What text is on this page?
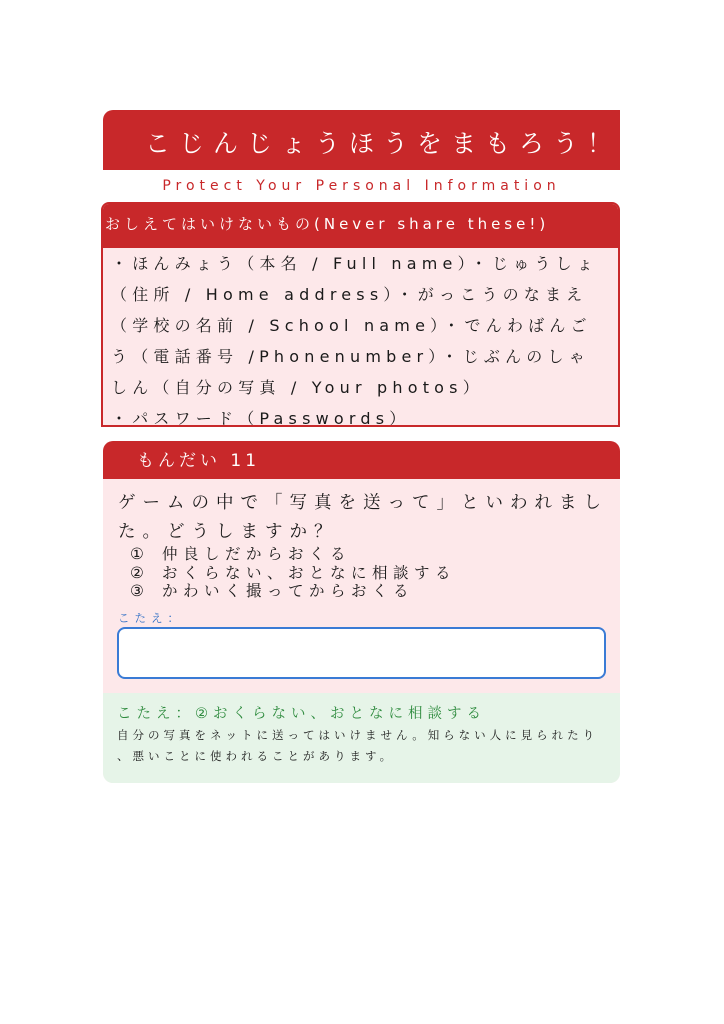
こじんじょうほうをまもろう！
Protect Your Personal Information
おしえてはいけないもの(Never share these!)
・ほんみょう（本名 / Full name）・じゅうしょ（住所 / Home address）・がっこうのなまえ（学校の名前 / School name）・でんわばんごう（電話番号 /Phonenumber）・じぶんのしゃしん（自分の写真 / Your photos）
・パスワード（Passwords）
もんだい 11
ゲームの中で「写真を送って」といわれました。どうしますか？
① 仲良しだからおくる
② おくらない、おとなに相談する
③ かわいく撮ってからおくる
こたえ：
こたえ：②おくらない、おとなに相談する
自分の写真をネットに送ってはいけません。知らない人に見られたり 、悪いことに使われることがあります。
